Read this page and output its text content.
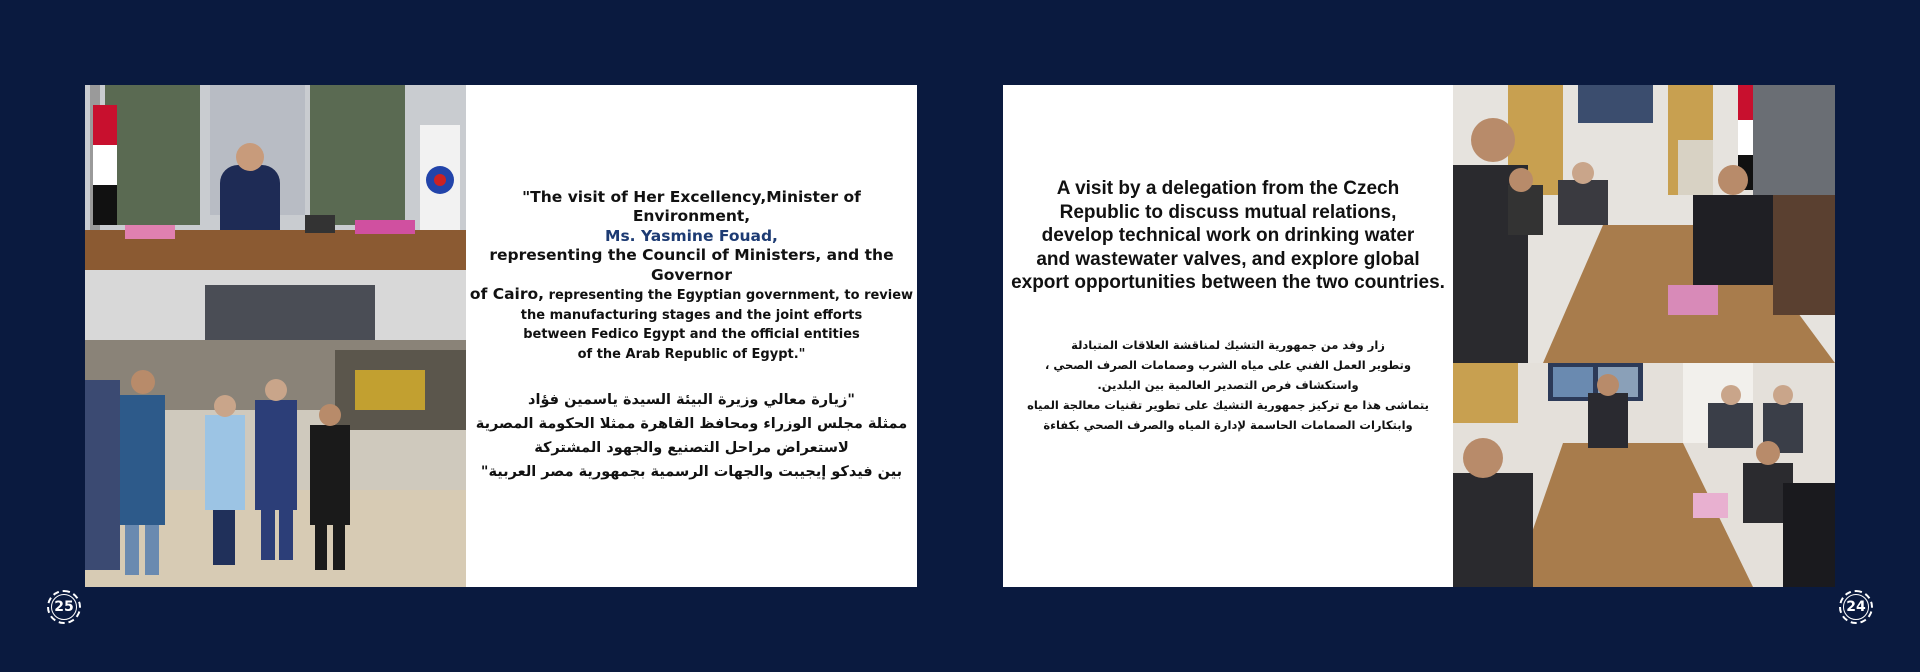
"The visit of Her Excellency,Minister of Environment,
Ms. Yasmine Fouad,
representing the Council of Ministers, and the Governor
of Cairo, representing the Egyptian government, to review
the manufacturing stages and the joint efforts
between Fedico Egypt and the official entities
of the Arab Republic of Egypt."
"زيارة معالي وزيرة البيئة السيدة ياسمين فؤاد
ممثلة مجلس الوزراء ومحافظ القاهرة ممثلا الحكومة المصرية
لاستعراض مراحل التصنيع والجهود المشتركة
بين فيدكو إيجيبت والجهات الرسمية بجمهورية مصر العربية"
A visit by a delegation from the Czech
Republic to discuss mutual relations,
develop technical work on drinking water
and wastewater valves, and explore global
export opportunities between the two countries.
زار وفد من جمهورية التشيك لمناقشة العلاقات المتبادلة
وتطوير العمل الفني على مياه الشرب وصمامات الصرف الصحي ،
واستكشاف فرص التصدير العالمية بين البلدين.
يتماشى هذا مع تركيز جمهورية التشيك على تطوير تقنيات معالجة المياه
وابتكارات الصمامات الحاسمة لإدارة المياه والصرف الصحي بكفاءة
25	24
